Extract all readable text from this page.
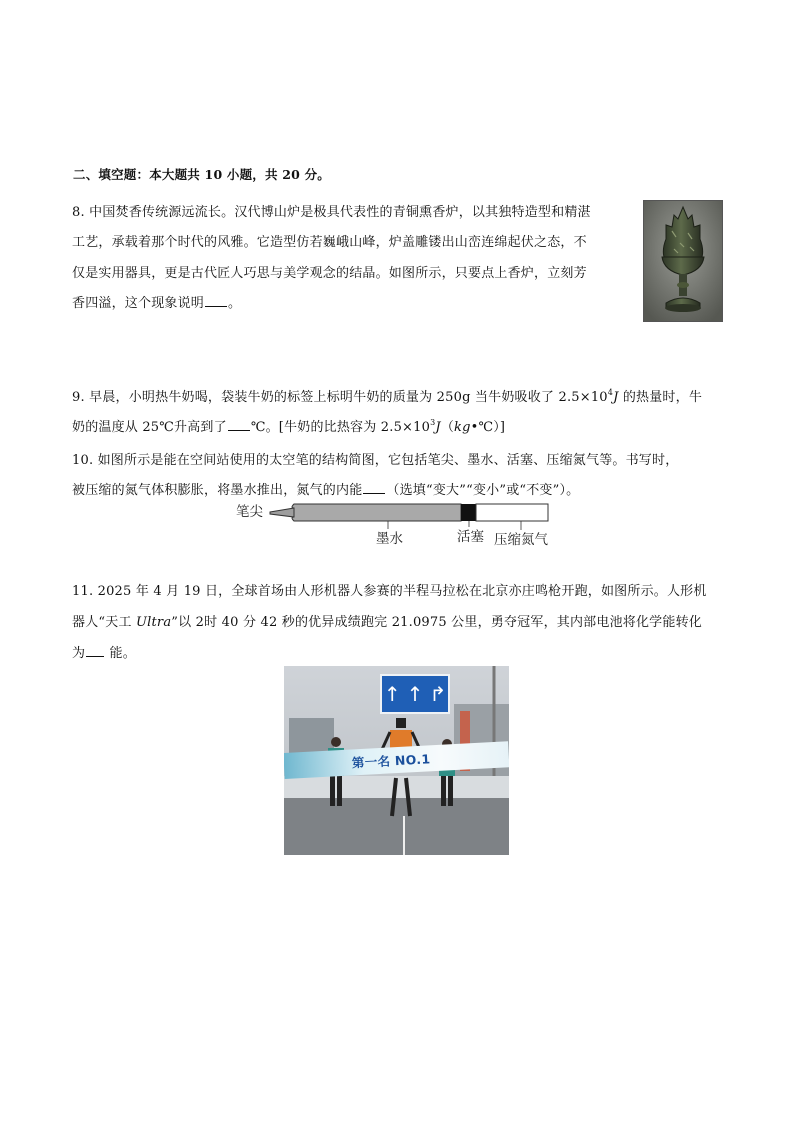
二、填空题：本大题共 10 小题，共 20 分。
8. 中国焚香传统源远流长。汉代博山炉是极具代表性的青铜熏香炉，以其独特造型和精湛
工艺，承载着那个时代的风雅。它造型仿若巍峨山峰，炉盖雕镂出山峦连绵起伏之态，不
仅是实用器具，更是古代匠人巧思与美学观念的结晶。如图所示，只要点上香炉，立刻芳
香四溢，这个现象说明 。
9. 早晨，小明热牛奶喝，袋装牛奶的标签上标明牛奶的质量为 250g 当牛奶吸收了 $2.5\times 10^4J$ 的热量时，牛
奶的温度从 25℃升高到了 ℃。[牛奶的比热容为 $2.5\times 10^3J(kg•℃)$]
10. 如图所示是能在空间站使用的太空笔的结构简图，它包括笔尖、墨水、活塞、压缩氮气等。书写时，
被压缩的氮气体积膨胀，将墨水推出，氮气的内能 （选填“变大”“变小”或“不变”）。
笔尖
墨水	活塞 压缩氮气
11. 2025 年 4 月 19 日，全球首场由人形机器人参赛的半程马拉松在北京亦庄鸣枪开跑，如图所示。人形机
器人“天工 Ultra”以 2时 40 分 42 秒的优异成绩跑完 21.0975 公里，勇夺冠军，其内部电池将化学能转化
为 能。
↑ ↑ ↱
第一名 NO.1
